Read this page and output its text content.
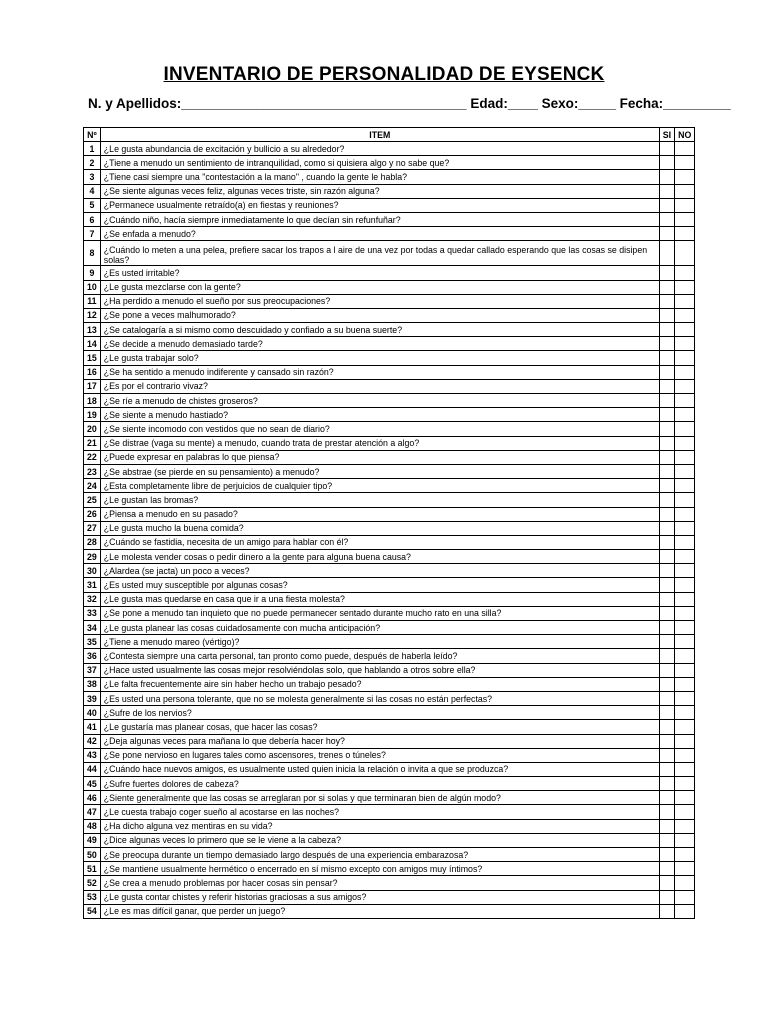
INVENTARIO DE PERSONALIDAD DE EYSENCK
N. y Apellidos:______________________________________ Edad:____ Sexo:_____ Fecha:_________
Nº	ITEM	SI	NO
1	¿Le gusta abundancia de excitación y bullicio a su alrededor?		
2	¿Tiene a menudo un sentimiento de intranquilidad, como si quisiera algo y no sabe que?		
3	¿Tiene casi siempre una "contestación a la mano" , cuando la gente le habla?		
4	¿Se siente algunas veces feliz, algunas veces triste, sin razón alguna?		
5	¿Permanece usualmente retraído(a) en fiestas y reuniones?		
6	¿Cuándo niño, hacía siempre inmediatamente lo que decían sin refunfuñar?		
7	¿Se enfada a menudo?		
8	¿Cuándo lo meten a una pelea, prefiere sacar los trapos a l aire de una vez por todas a quedar callado esperando que las cosas se disipen solas?		
9	¿Es usted irritable?		
10	¿Le gusta mezclarse con la gente?		
11	¿Ha perdido a menudo el sueño por sus preocupaciones?		
12	¿Se pone a veces malhumorado?		
13	¿Se catalogaría a si mismo como descuidado y confiado a su buena suerte?		
14	¿Se decide a menudo demasiado tarde?		
15	¿Le gusta trabajar solo?		
16	¿Se ha sentido a menudo indiferente y cansado sin razón?		
17	¿Es por el contrario vivaz?		
18	¿Se ríe a menudo de chistes groseros?		
19	¿Se siente a menudo hastiado?		
20	¿Se siente incomodo con vestidos que no sean de diario?		
21	¿Se distrae (vaga su mente) a menudo, cuando trata de prestar atención a algo?		
22	¿Puede expresar en palabras lo que piensa?		
23	¿Se abstrae (se pierde en su pensamiento) a menudo?		
24	¿Esta completamente libre de perjuicios de cualquier tipo?		
25	¿Le gustan las bromas?		
26	¿Piensa a menudo en su pasado?		
27	¿Le gusta mucho la buena comida?		
28	¿Cuándo se fastidia, necesita de un amigo para hablar con él?		
29	¿Le molesta vender cosas o pedir dinero a la gente para alguna buena causa?		
30	¿Alardea (se jacta) un poco a veces?		
31	¿Es usted muy susceptible por algunas cosas?		
32	¿Le gusta mas quedarse en casa que ir a una fiesta molesta?		
33	¿Se pone a menudo tan inquieto que no puede permanecer sentado durante mucho rato en una silla?		
34	¿Le gusta planear las cosas cuidadosamente con mucha anticipación?		
35	¿Tiene a menudo mareo (vértigo)?		
36	¿Contesta siempre una carta personal, tan pronto como puede, después de haberla leído?		
37	¿Hace usted usualmente las cosas mejor resolviéndolas solo, que hablando a otros sobre ella?		
38	¿Le falta frecuentemente aire sin haber hecho un trabajo pesado?		
39	¿Es usted una persona tolerante, que no se molesta generalmente si las cosas no están perfectas?		
40	¿Sufre de los nervios?		
41	¿Le gustaría mas planear cosas, que hacer las cosas?		
42	¿Deja algunas veces para mañana lo que debería hacer hoy?		
43	¿Se pone nervioso en lugares tales como ascensores, trenes o túneles?		
44	¿Cuándo hace nuevos amigos, es usualmente usted quien inicia la relación o invita a que se produzca?		
45	¿Sufre fuertes dolores de cabeza?		
46	¿Siente generalmente que las cosas se arreglaran por si solas y que terminaran bien de algún modo?		
47	¿Le cuesta trabajo coger sueño al acostarse en las noches?		
48	¿Ha dicho alguna vez mentiras en su vida?		
49	¿Dice algunas veces lo primero que se le viene a la cabeza?		
50	¿Se preocupa durante un tiempo demasiado largo después de una experiencia embarazosa?		
51	¿Se mantiene usualmente hermético o encerrado en sí mismo excepto con amigos muy íntimos?		
52	¿Se crea a menudo problemas por hacer cosas sin pensar?		
53	¿Le gusta contar chistes y referir historias graciosas a sus amigos?		
54	¿Le es mas difícil ganar, que perder un juego?		
